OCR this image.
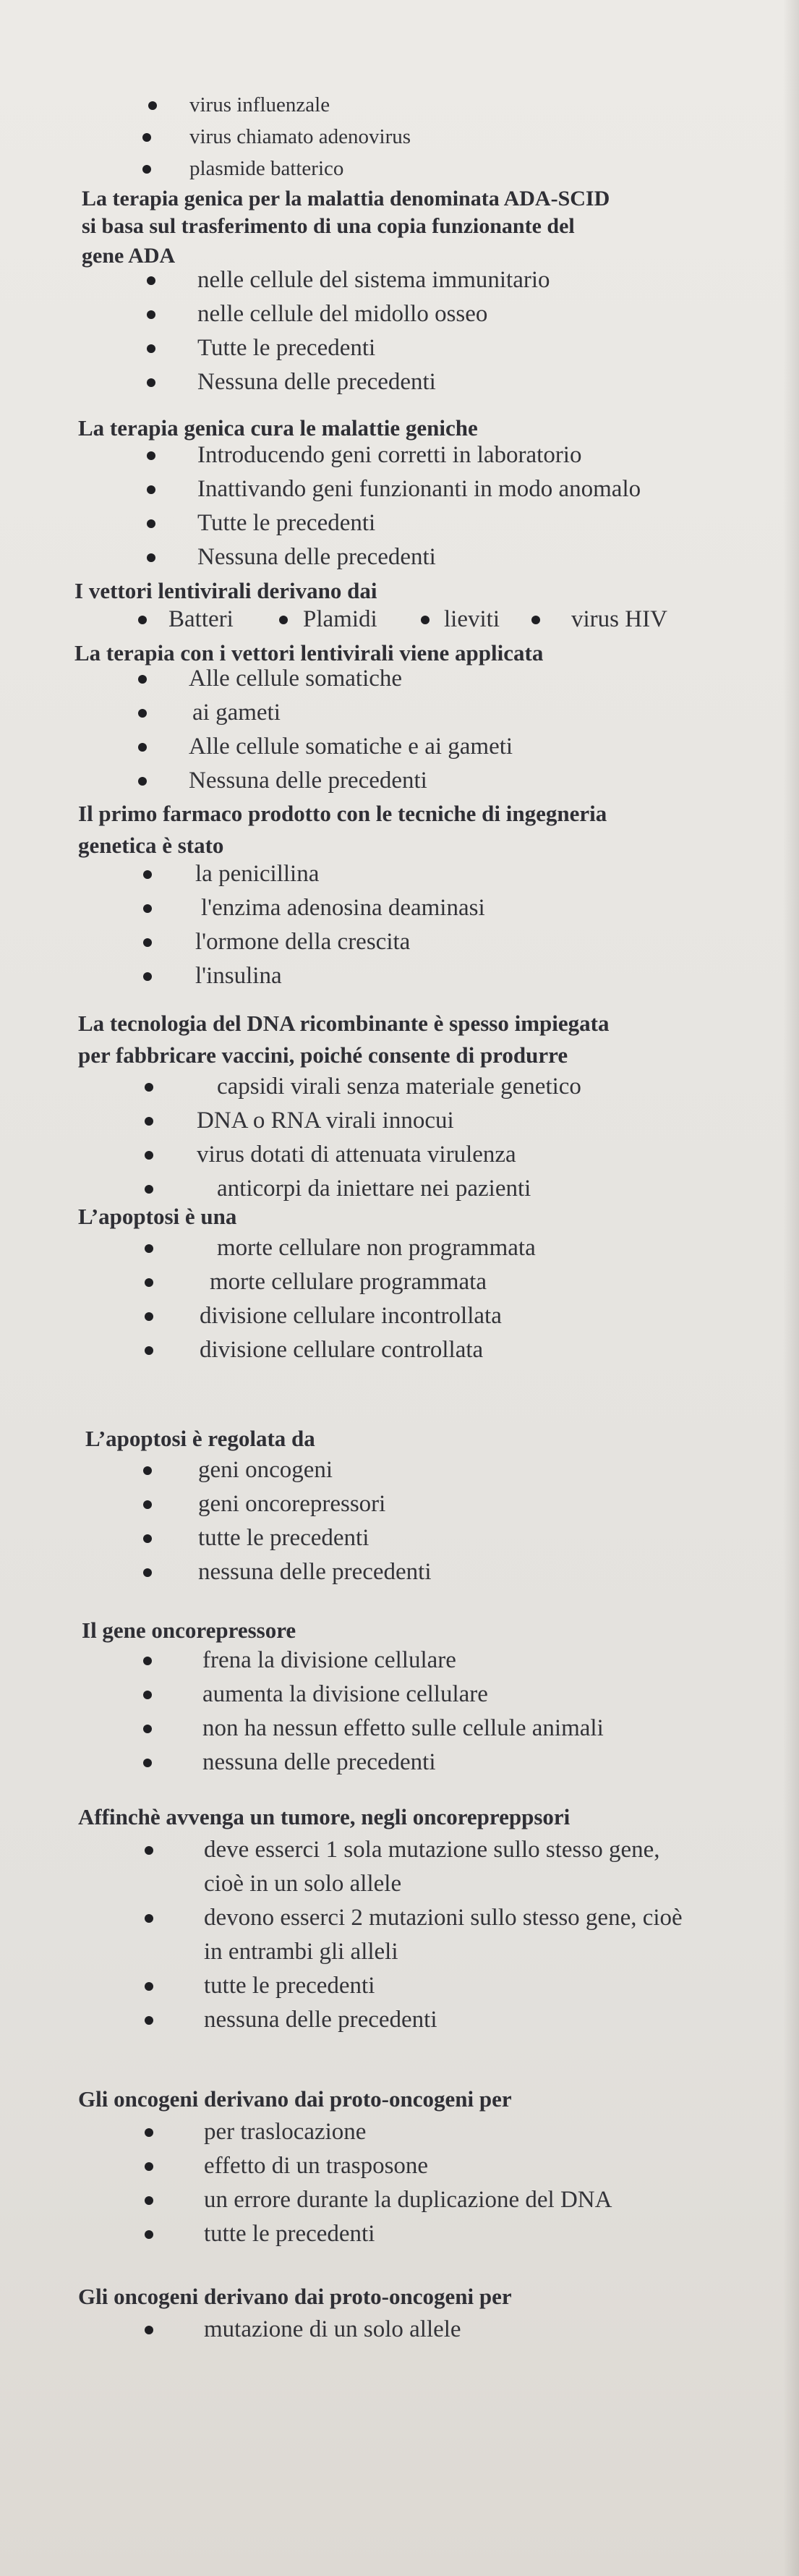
virus influenzale
virus chiamato adenovirus
plasmide batterico

La terapia genica per la malattia denominata ADA-SCID

si basa sul trasferimento di una copia funzionante del

gene ADA

nelle cellule del sistema immunitario
nelle cellule del midollo osseo
Tutte le precedenti
Nessuna delle precedenti

La terapia genica cura le malattie geniche

Introducendo geni corretti in laboratorio
Inattivando geni funzionanti in modo anomalo
Tutte le precedenti
Nessuna delle precedenti

I vettori lentivirali derivano dai

Batteri	Plamidi	lieviti	virus HIV

La terapia con i vettori lentivirali viene applicata

Alle cellule somatiche
ai gameti
Alle cellule somatiche e ai gameti
Nessuna delle precedenti

Il primo farmaco prodotto con le tecniche di ingegneria

genetica è stato

la penicillina
l'enzima adenosina deaminasi
l'ormone della crescita
l'insulina

La tecnologia del DNA ricombinante è spesso impiegata

per fabbricare vaccini, poiché consente di produrre

capsidi virali senza materiale genetico
DNA o RNA virali innocui
virus dotati di attenuata virulenza
anticorpi da iniettare nei pazienti

L’apoptosi è una

morte cellulare non programmata
morte cellulare programmata
divisione cellulare incontrollata
divisione cellulare controllata

L’apoptosi è regolata da

geni oncogeni
geni oncorepressori
tutte le precedenti
nessuna delle precedenti

Il gene oncorepressore

frena la divisione cellulare
aumenta la divisione cellulare
non ha nessun effetto sulle cellule animali
nessuna delle precedenti

Affinchè avvenga un tumore, negli oncorepreppsori

deve esserci 1 sola mutazione sullo stesso gene,
cioè in un solo allele
devono esserci 2 mutazioni sullo stesso gene, cioè
in entrambi gli alleli
tutte le precedenti
nessuna delle precedenti

Gli oncogeni derivano dai proto-oncogeni per

per traslocazione
effetto di un trasposone
un errore durante la duplicazione del DNA
tutte le precedenti

Gli oncogeni derivano dai proto-oncogeni per

mutazione di un solo allele
